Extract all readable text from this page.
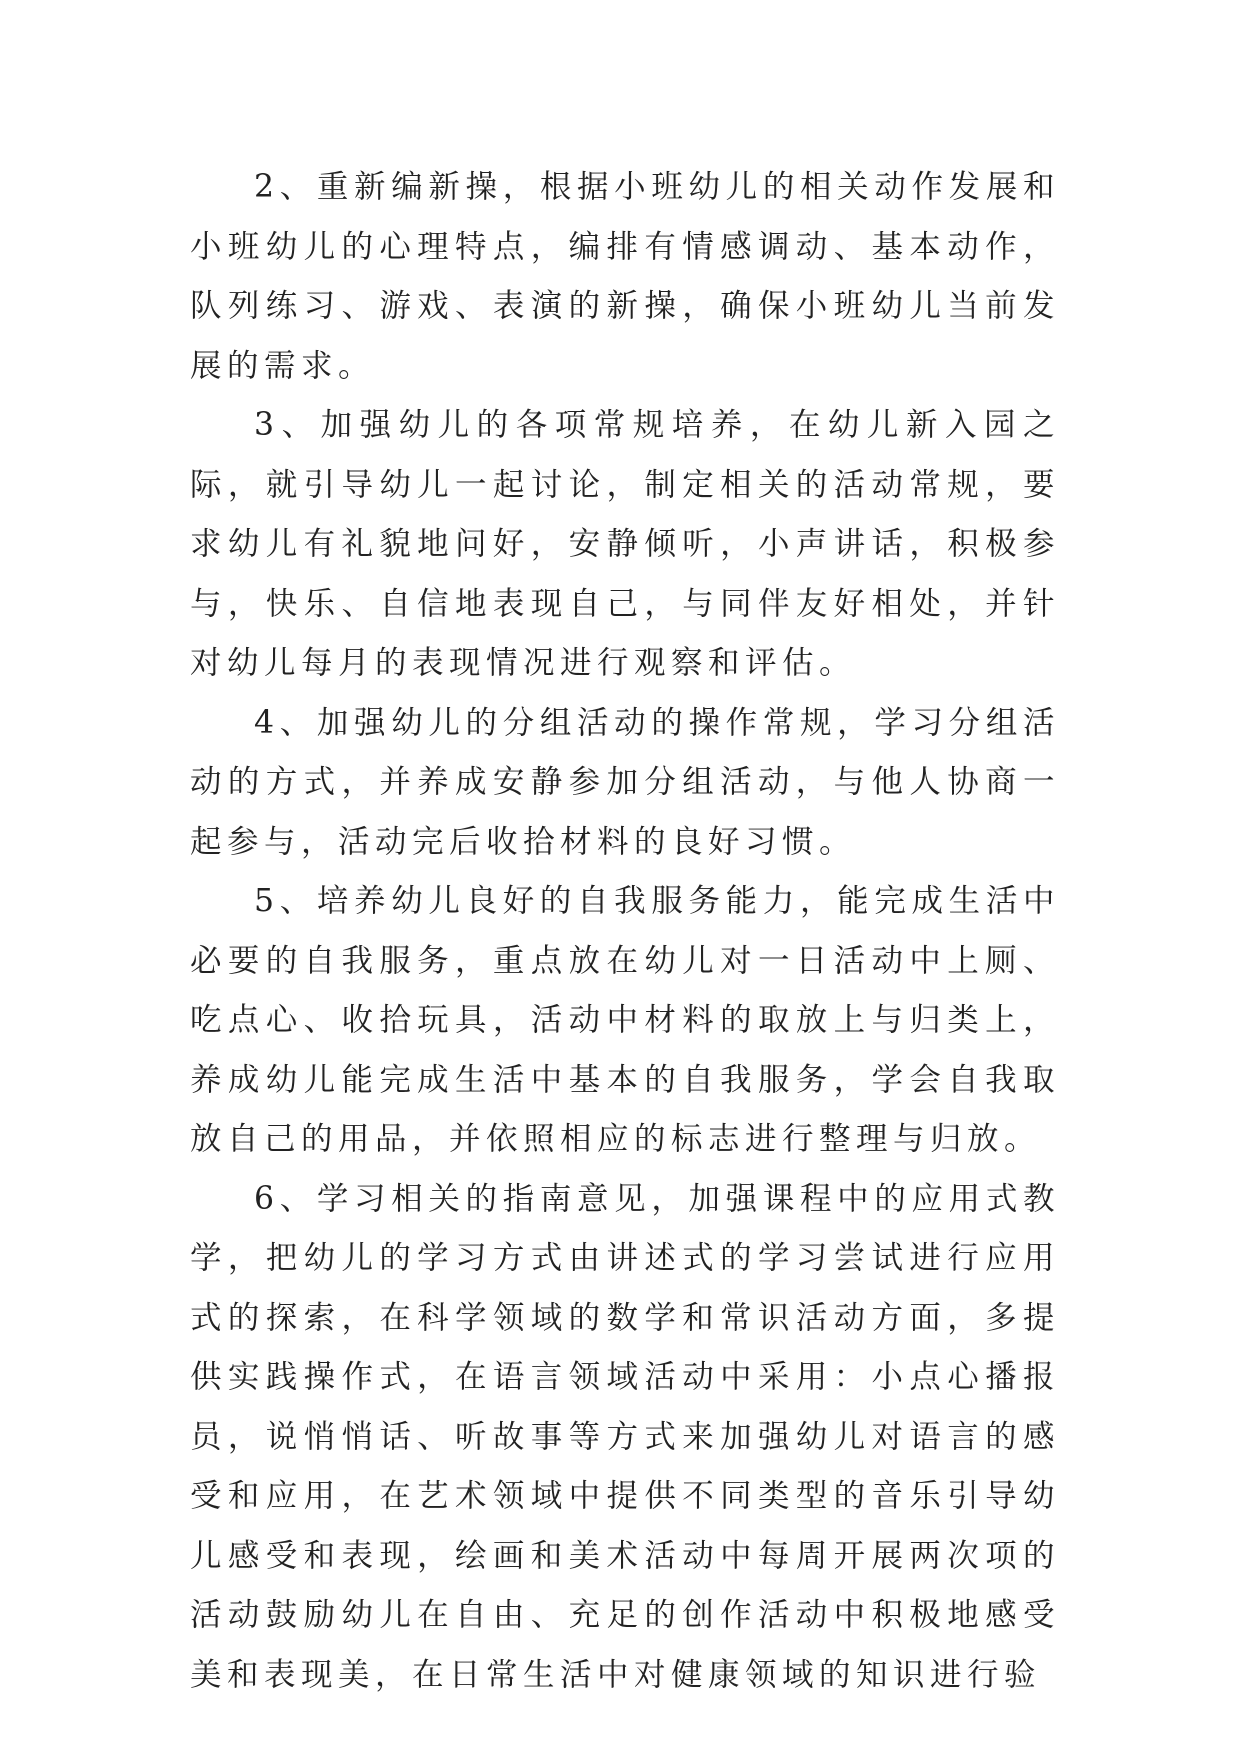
2、重新编新操，根据小班幼儿的相关动作发展和小班幼儿的心理特点，编排有情感调动、基本动作，队列练习、游戏、表演的新操，确保小班幼儿当前发展的需求。

3、加强幼儿的各项常规培养，在幼儿新入园之际，就引导幼儿一起讨论，制定相关的活动常规，要求幼儿有礼貌地问好，安静倾听，小声讲话，积极参与，快乐、自信地表现自己，与同伴友好相处，并针对幼儿每月的表现情况进行观察和评估。

4、加强幼儿的分组活动的操作常规，学习分组活动的方式，并养成安静参加分组活动，与他人协商一起参与，活动完后收拾材料的良好习惯。

5、培养幼儿良好的自我服务能力，能完成生活中必要的自我服务，重点放在幼儿对一日活动中上厕、吃点心、收拾玩具，活动中材料的取放上与归类上，养成幼儿能完成生活中基本的自我服务，学会自我取放自己的用品，并依照相应的标志进行整理与归放。

6、学习相关的指南意见，加强课程中的应用式教学，把幼儿的学习方式由讲述式的学习尝试进行应用式的探索，在科学领域的数学和常识活动方面，多提供实践操作式，在语言领域活动中采用：小点心播报员，说悄悄话、听故事等方式来加强幼儿对语言的感受和应用，在艺术领域中提供不同类型的音乐引导幼儿感受和表现，绘画和美术活动中每周开展两次项的活动鼓励幼儿在自由、充足的创作活动中积极地感受美和表现美，在日常生活中对健康领域的知识进行验
